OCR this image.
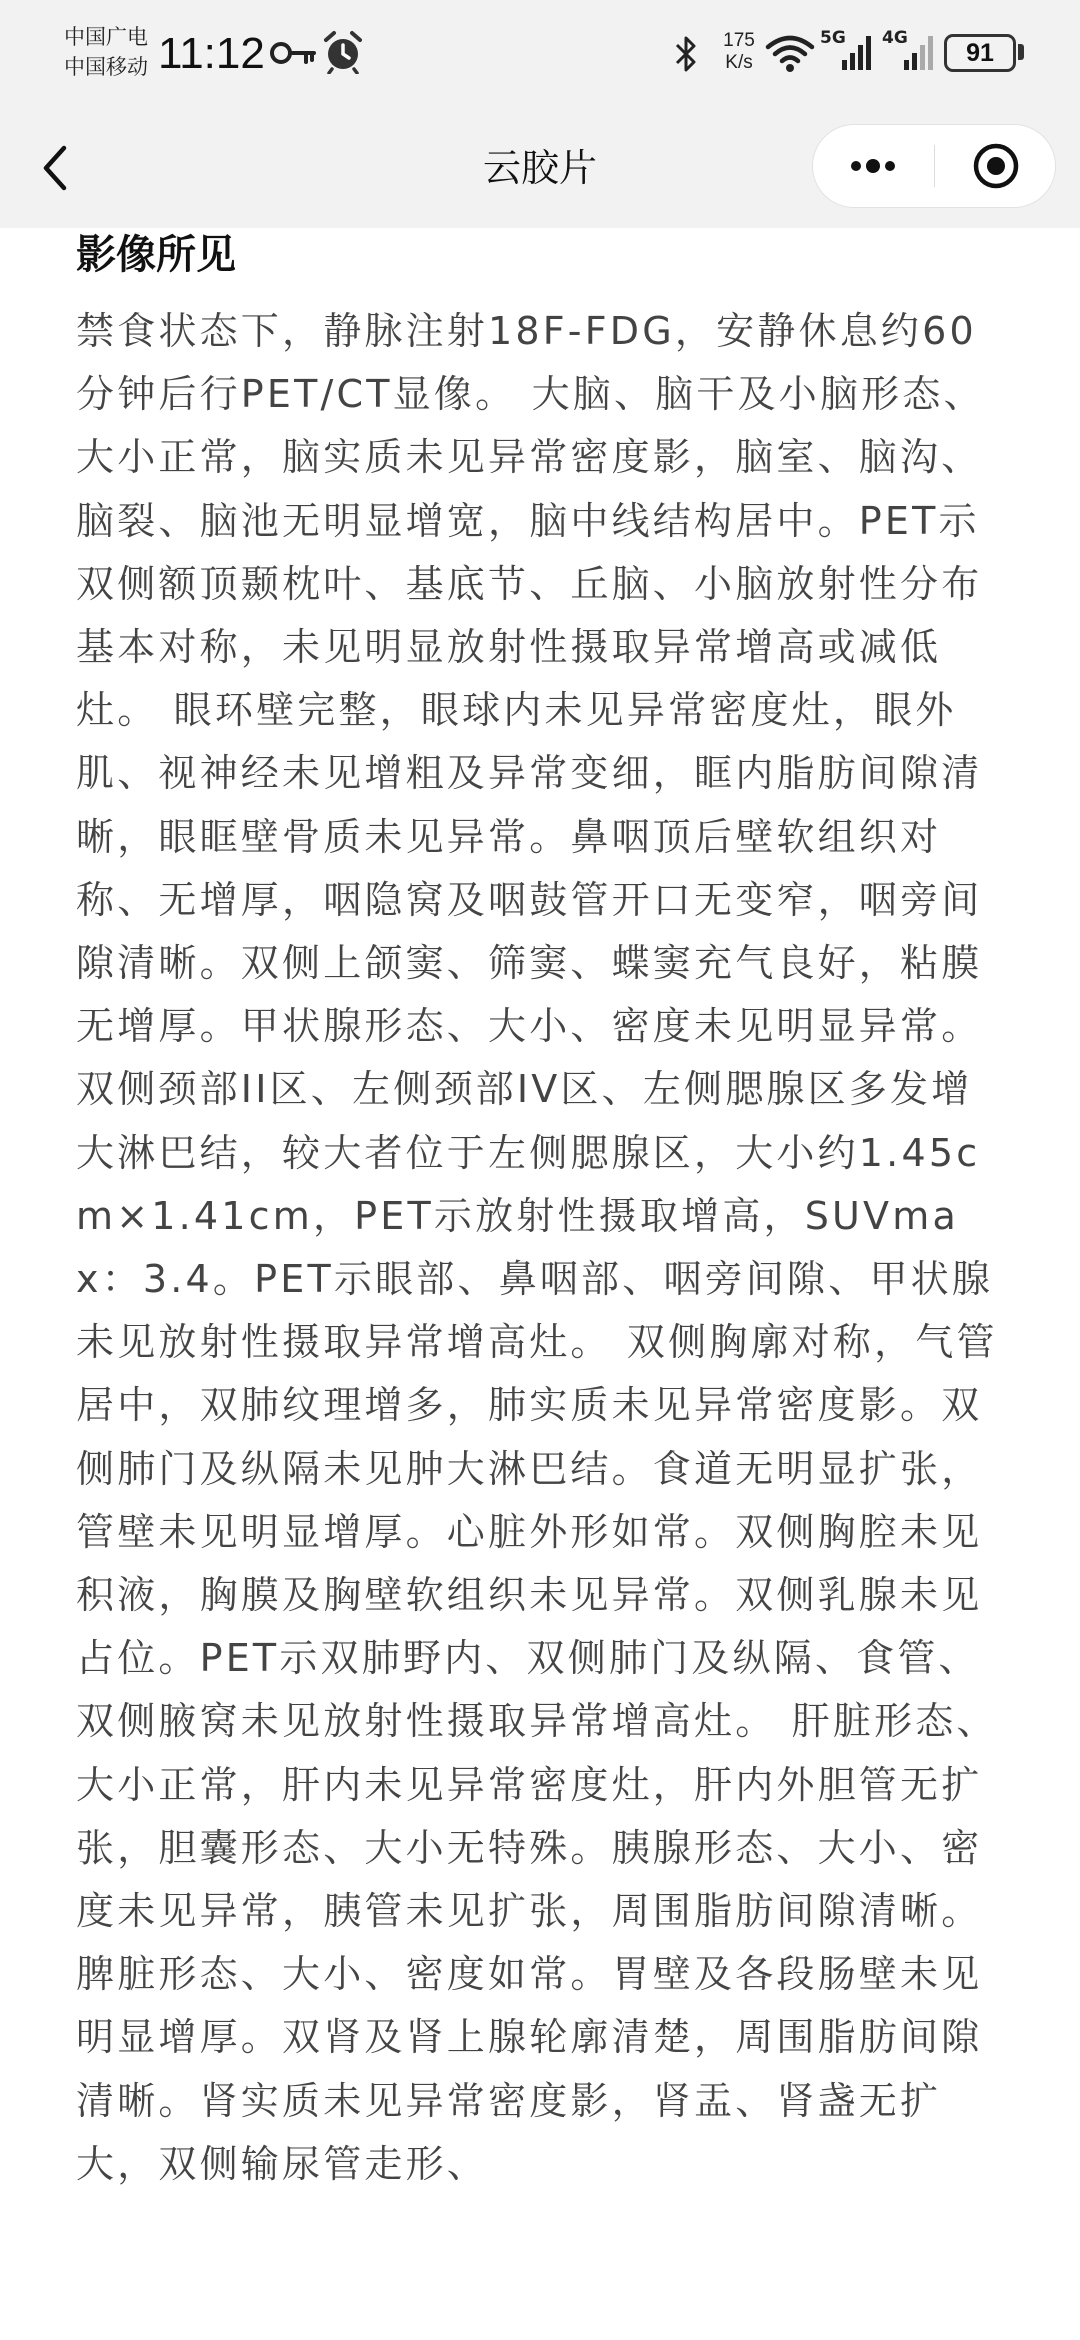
中国广电
中国移动 11:12	175
K/s
5G 4G
91
云胶片
影像所见

禁食状态下，静脉注射18F-FDG，安静休息约60分钟后行PET/CT显像。 大脑、脑干及小脑形态、大小正常，脑实质未见异常密度影，脑室、脑沟、脑裂、脑池无明显增宽，脑中线结构居中。PET示双侧额顶颞枕叶、基底节、丘脑、小脑放射性分布基本对称，未见明显放射性摄取异常增高或减低灶。 眼环壁完整，眼球内未见异常密度灶，眼外肌、视神经未见增粗及异常变细，眶内脂肪间隙清晰，眼眶壁骨质未见异常。鼻咽顶后壁软组织对称、无增厚，咽隐窝及咽鼓管开口无变窄，咽旁间隙清晰。双侧上颌窦、筛窦、蝶窦充气良好，粘膜无增厚。甲状腺形态、大小、密度未见明显异常。双侧颈部II区、左侧颈部IV区、左侧腮腺区多发增大淋巴结，较大者位于左侧腮腺区，大小约1.45cm×1.41cm，PET示放射性摄取增高，SUVmax：3.4。PET示眼部、鼻咽部、咽旁间隙、甲状腺未见放射性摄取异常增高灶。 双侧胸廓对称，气管居中，双肺纹理增多，肺实质未见异常密度影。双侧肺门及纵隔未见肿大淋巴结。食道无明显扩张，管壁未见明显增厚。心脏外形如常。双侧胸腔未见积液，胸膜及胸壁软组织未见异常。双侧乳腺未见占位。PET示双肺野内、双侧肺门及纵隔、食管、双侧腋窝未见放射性摄取异常增高灶。 肝脏形态、大小正常，肝内未见异常密度灶，肝内外胆管无扩张，胆囊形态、大小无特殊。胰腺形态、大小、密度未见异常，胰管未见扩张，周围脂肪间隙清晰。脾脏形态、大小、密度如常。胃壁及各段肠壁未见明显增厚。双肾及肾上腺轮廓清楚，周围脂肪间隙清晰。肾实质未见异常密度影，肾盂、肾盏无扩大，双侧输尿管走形、
